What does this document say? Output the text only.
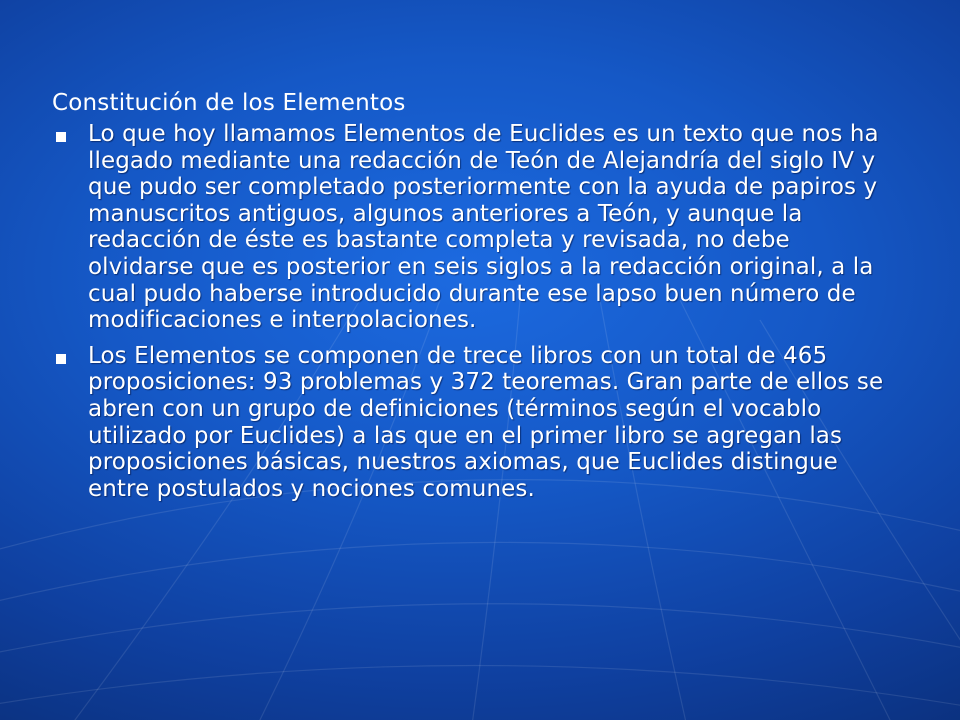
Constitución de los Elementos
Lo que hoy llamamos Elementos de Euclides es un texto que nos ha llegado mediante una redacción de Teón de Alejandría del siglo IV y que pudo ser completado posteriormente con la ayuda de papiros y manuscritos antiguos, algunos anteriores a Teón, y aunque la redacción de éste es bastante completa y revisada, no debe olvidarse que es posterior en seis siglos a la redacción original, a la cual pudo haberse introducido durante ese lapso buen número de modificaciones e interpolaciones.
Los Elementos se componen de trece libros con un total de 465 proposiciones: 93 problemas y 372 teoremas. Gran parte de ellos se abren con un grupo de definiciones (términos según el vocablo utilizado por Euclides) a las que en el primer libro se agregan las proposiciones básicas, nuestros axiomas, que Euclides distingue entre postulados y nociones comunes.
